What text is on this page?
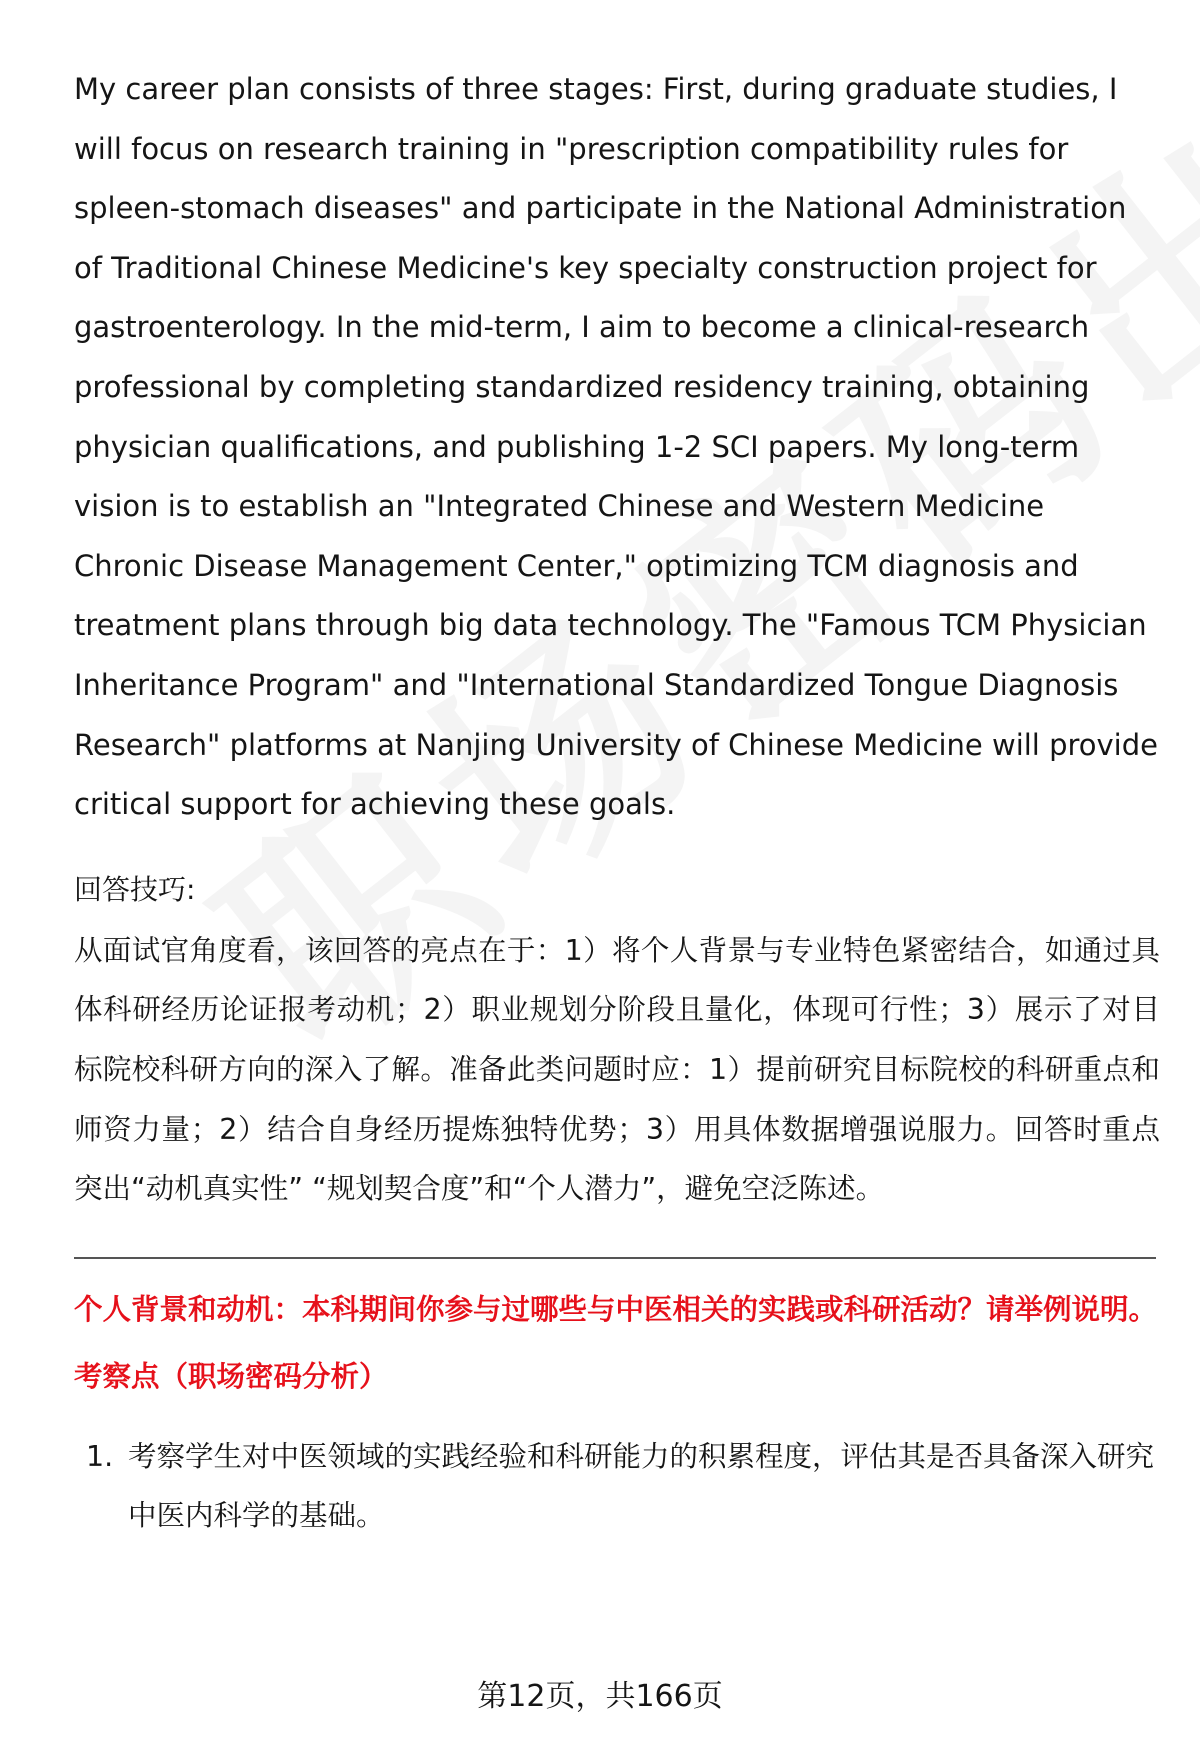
My career plan consists of three stages: First, during graduate studies, I will focus on research training in "prescription compatibility rules for spleen-stomach diseases" and participate in the National Administration of Traditional Chinese Medicine's key specialty construction project for gastroenterology. In the mid-term, I aim to become a clinical-research professional by completing standardized residency training, obtaining physician qualifications, and publishing 1-2 SCI papers. My long-term vision is to establish an "Integrated Chinese and Western Medicine Chronic Disease Management Center," optimizing TCM diagnosis and treatment plans through big data technology. The "Famous TCM Physician Inheritance Program" and "International Standardized Tongue Diagnosis Research" platforms at Nanjing University of Chinese Medicine will provide critical support for achieving these goals.

回答技巧:

从面试官角度看，该回答的亮点在于：1）将个人背景与专业特色紧密结合，如通过具体科研经历论证报考动机；2）职业规划分阶段且量化，体现可行性；3）展示了对目标院校科研方向的深入了解。准备此类问题时应：1）提前研究目标院校的科研重点和师资力量；2）结合自身经历提炼独特优势；3）用具体数据增强说服力。回答时重点突出“动机真实性” “规划契合度”和“个人潜力”，避免空泛陈述。

个人背景和动机：本科期间你参与过哪些与中医相关的实践或科研活动？请举例说明。
考察点（职场密码分析）
1. 考察学生对中医领域的实践经验和科研能力的积累程度，评估其是否具备深入研究中医内科学的基础。
第12页，共166页
